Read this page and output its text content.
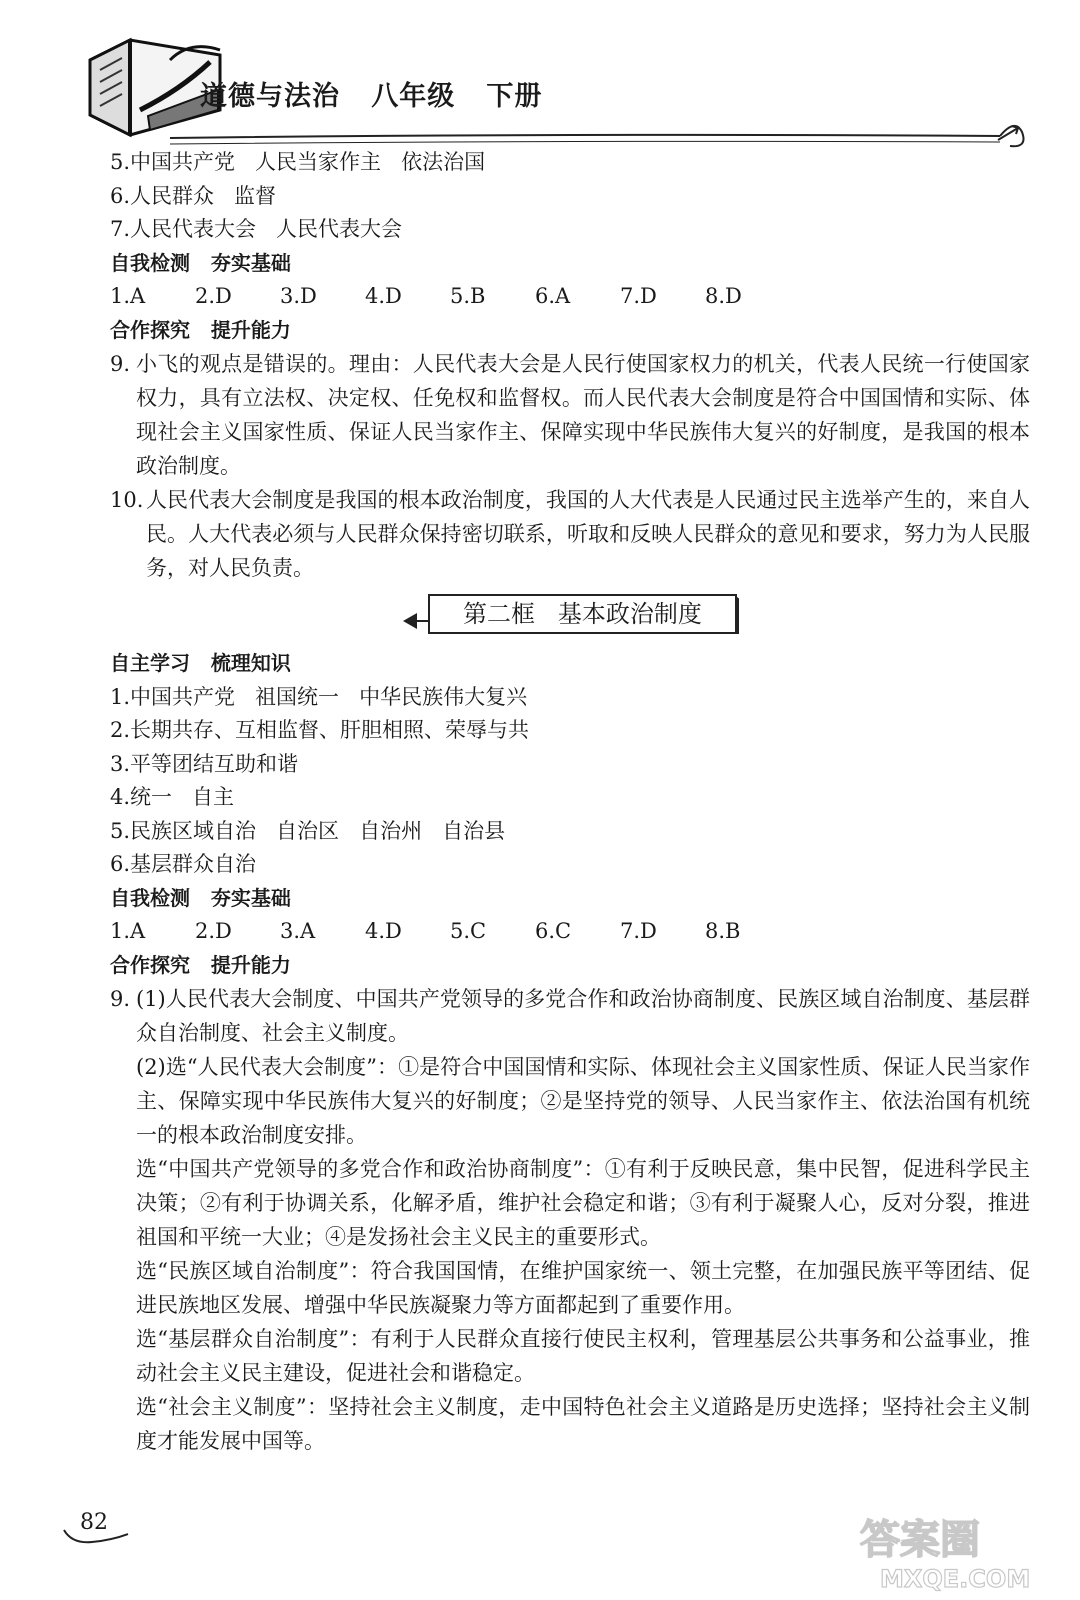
道德与法治   八年级   下册
5.中国共产党   人民当家作主   依法治国
6.人民群众   监督
7.人民代表大会   人民代表大会
自我检测   夯实基础
1.A	2.D	3.D	4.D	5.B	6.A	7.D	8.D
合作探究   提升能力
9. 小飞的观点是错误的。理由：人民代表大会是人民行使国家权力的机关，代表人民统一行使国家权力，具有立法权、决定权、任免权和监督权。而人民代表大会制度是符合中国国情和实际、体现社会主义国家性质、保证人民当家作主、保障实现中华民族伟大复兴的好制度，是我国的根本政治制度。
10. 人民代表大会制度是我国的根本政治制度，我国的人大代表是人民通过民主选举产生的，来自人民。人大代表必须与人民群众保持密切联系，听取和反映人民群众的意见和要求，努力为人民服务，对人民负责。
第二框   基本政治制度
自主学习   梳理知识
1.中国共产党   祖国统一   中华民族伟大复兴
2.长期共存、互相监督、肝胆相照、荣辱与共
3.平等团结互助和谐
4.统一   自主
5.民族区域自治   自治区   自治州   自治县
6.基层群众自治
自我检测   夯实基础
1.A	2.D	3.A	4.D	5.C	6.C	7.D	8.B
合作探究   提升能力
9. (1)人民代表大会制度、中国共产党领导的多党合作和政治协商制度、民族区域自治制度、基层群众自治制度、社会主义制度。
(2)选“人民代表大会制度”：①是符合中国国情和实际、体现社会主义国家性质、保证人民当家作主、保障实现中华民族伟大复兴的好制度；②是坚持党的领导、人民当家作主、依法治国有机统一的根本政治制度安排。
选“中国共产党领导的多党合作和政治协商制度”：①有利于反映民意，集中民智，促进科学民主决策；②有利于协调关系，化解矛盾，维护社会稳定和谐；③有利于凝聚人心，反对分裂，推进祖国和平统一大业；④是发扬社会主义民主的重要形式。
选“民族区域自治制度”：符合我国国情，在维护国家统一、领土完整，在加强民族平等团结、促进民族地区发展、增强中华民族凝聚力等方面都起到了重要作用。
选“基层群众自治制度”：有利于人民群众直接行使民主权利，管理基层公共事务和公益事业，推动社会主义民主建设，促进社会和谐稳定。
选“社会主义制度”：坚持社会主义制度，走中国特色社会主义道路是历史选择；坚持社会主义制度才能发展中国等。
82	答案圈
MXQE.COM
